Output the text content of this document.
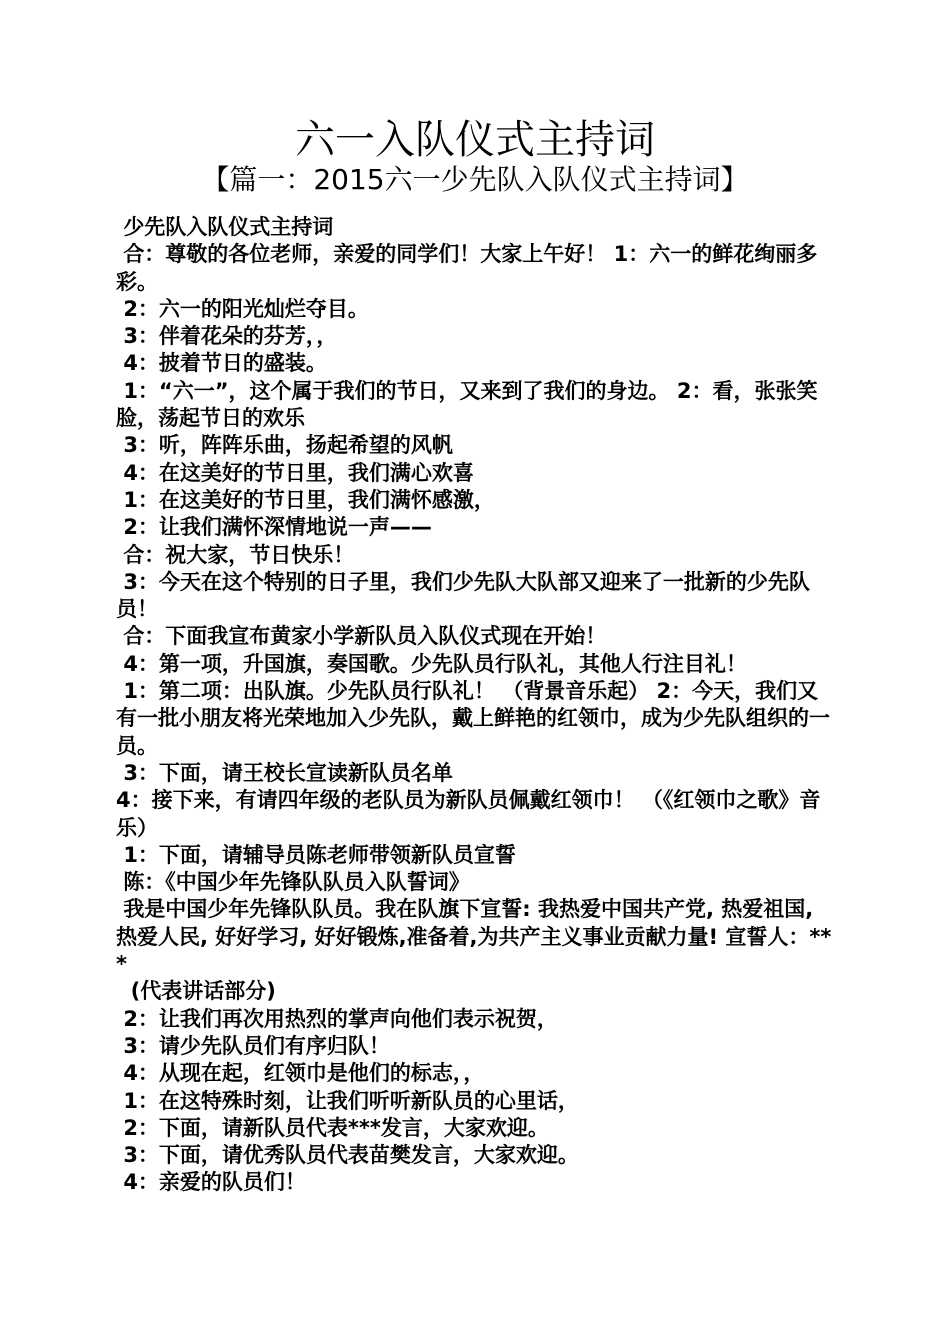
六一入队仪式主持词
【篇一：2015六一少先队入队仪式主持词】

少先队入队仪式主持词

合：尊敬的各位老师，亲爱的同学们！大家上午好！ 1：六一的鲜花绚丽多彩。

2：六一的阳光灿烂夺目。

3：伴着花朵的芬芳，，

4：披着节日的盛装。

1：“六一”，这个属于我们的节日，又来到了我们的身边。 2：看，张张笑脸，荡起节日的欢乐

3：听，阵阵乐曲，扬起希望的风帆

4：在这美好的节日里，我们满心欢喜

1：在这美好的节日里，我们满怀感激，

2：让我们满怀深情地说一声——

合：祝大家，节日快乐！

3：今天在这个特别的日子里，我们少先队大队部又迎来了一批新的少先队员！

合：下面我宣布黄家小学新队员入队仪式现在开始！

4：第一项，升国旗，奏国歌。少先队员行队礼，其他人行注目礼！

1：第二项：出队旗。少先队员行队礼！ （背景音乐起） 2：今天，我们又有一批小朋友将光荣地加入少先队，戴上鲜艳的红领巾，成为少先队组织的一员。

3：下面，请王校长宣读新队员名单

4：接下来，有请四年级的老队员为新队员佩戴红领巾！ （《红领巾之歌》音乐）

1：下面，请辅导员陈老师带领新队员宣誓

陈：《中国少年先锋队队员入队誓词》

我是中国少年先锋队队员。我在队旗下宣誓: 我热爱中国共产党, 热爱祖国, 热爱人民, 好好学习, 好好锻炼,准备着,为共产主义事业贡献力量! 宣誓人：***

(代表讲话部分)

2：让我们再次用热烈的掌声向他们表示祝贺，

3：请少先队员们有序归队！

4：从现在起，红领巾是他们的标志，，

1：在这特殊时刻，让我们听听新队员的心里话，

2：下面，请新队员代表***发言，大家欢迎。

3：下面，请优秀队员代表苗樊发言，大家欢迎。

4：亲爱的队员们！
